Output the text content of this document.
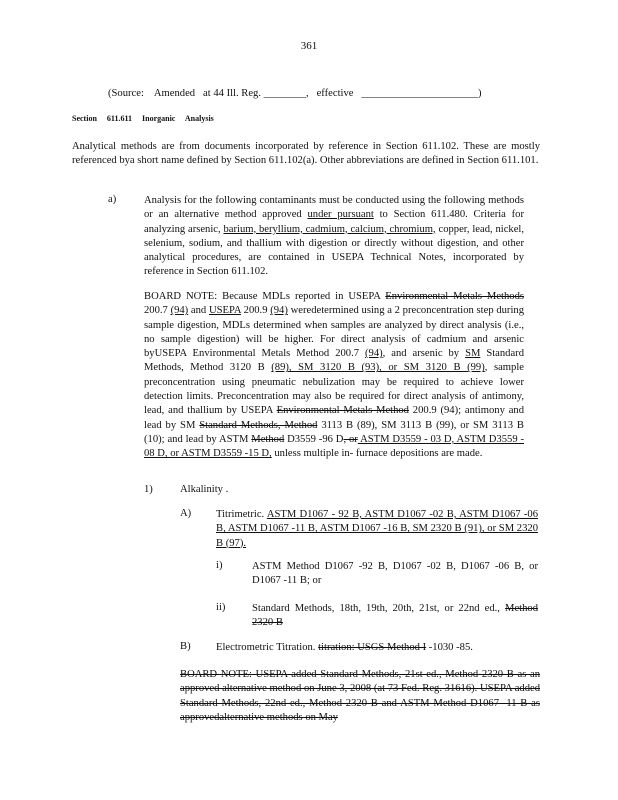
361
(Source:    Amended   at 44 Ill. Reg. ________,   effective   ______________________)
Section     611.611     Inorganic     Analysis
Analytical methods are from documents incorporated by reference in Section 611.102. These are mostly referenced bya short name defined by Section 611.102(a). Other abbreviations are defined in Section 611.101.
a)	Analysis for the following contaminants must be conducted using the following methods or an alternative method approved under pursuant to Section 611.480. Criteria for analyzing arsenic, barium, beryllium, cadmium, calcium, chromium, copper, lead, nickel, selenium, sodium, and thallium with digestion or directly without digestion, and other analytical procedures, are contained in USEPA Technical Notes, incorporated by reference in Section 611.102.
BOARD NOTE: Because MDLs reported in USEPA Environmental Metals Methods 200.7 (94) and USEPA 200.9 (94) weredetermined using a 2 preconcentration step during sample digestion, MDLs determined when samples are analyzed by direct analysis (i.e., no sample digestion) will be higher. For direct analysis of cadmium and arsenic byUSEPA Environmental Metals Method 200.7 (94), and arsenic by SM Standard Methods, Method 3120 B (89), SM 3120 B (93), or SM 3120 B (99), sample preconcentration using pneumatic nebulization may be required to achieve lower detection limits. Preconcentration may also be required for direct analysis of antimony, lead, and thallium by USEPA Environmental Metals Method 200.9 (94); antimony and lead by SM Standard Methods, Method 3113 B (89), SM 3113 B (99), or SM 3113 B (10); and lead by ASTM Method D3559 -96 D, or ASTM D3559 - 03 D, ASTM D3559 - 08 D, or ASTM D3559 -15 D, unless multiple in- furnace depositions are made.
1)	Alkalinity .
A) Titrimetric. ASTM D1067 - 92 B, ASTM D1067 -02 B, ASTM D1067 -06 B, ASTM D1067 -11 B, ASTM D1067 -16 B, SM 2320 B (91), or SM 2320 B (97).
i)	ASTM Method D1067 -92 B, D1067 -02 B, D1067 -06 B, or D1067 -11 B; or
ii)	Standard Methods, 18th, 19th, 20th, 21st, or 22nd ed., Method 2320 B
B) Electrometric Titration. titration: USGS Method I -1030 -85.
BOARD NOTE: USEPA added Standard Methods, 21st ed., Method 2320 B as an approved alternative method on June 3, 2008 (at 73 Fed. Reg. 31616). USEPA added Standard Methods, 22nd ed., Method 2320 B and ASTM Method D1067 -11 B as approvedalternative methods on May
